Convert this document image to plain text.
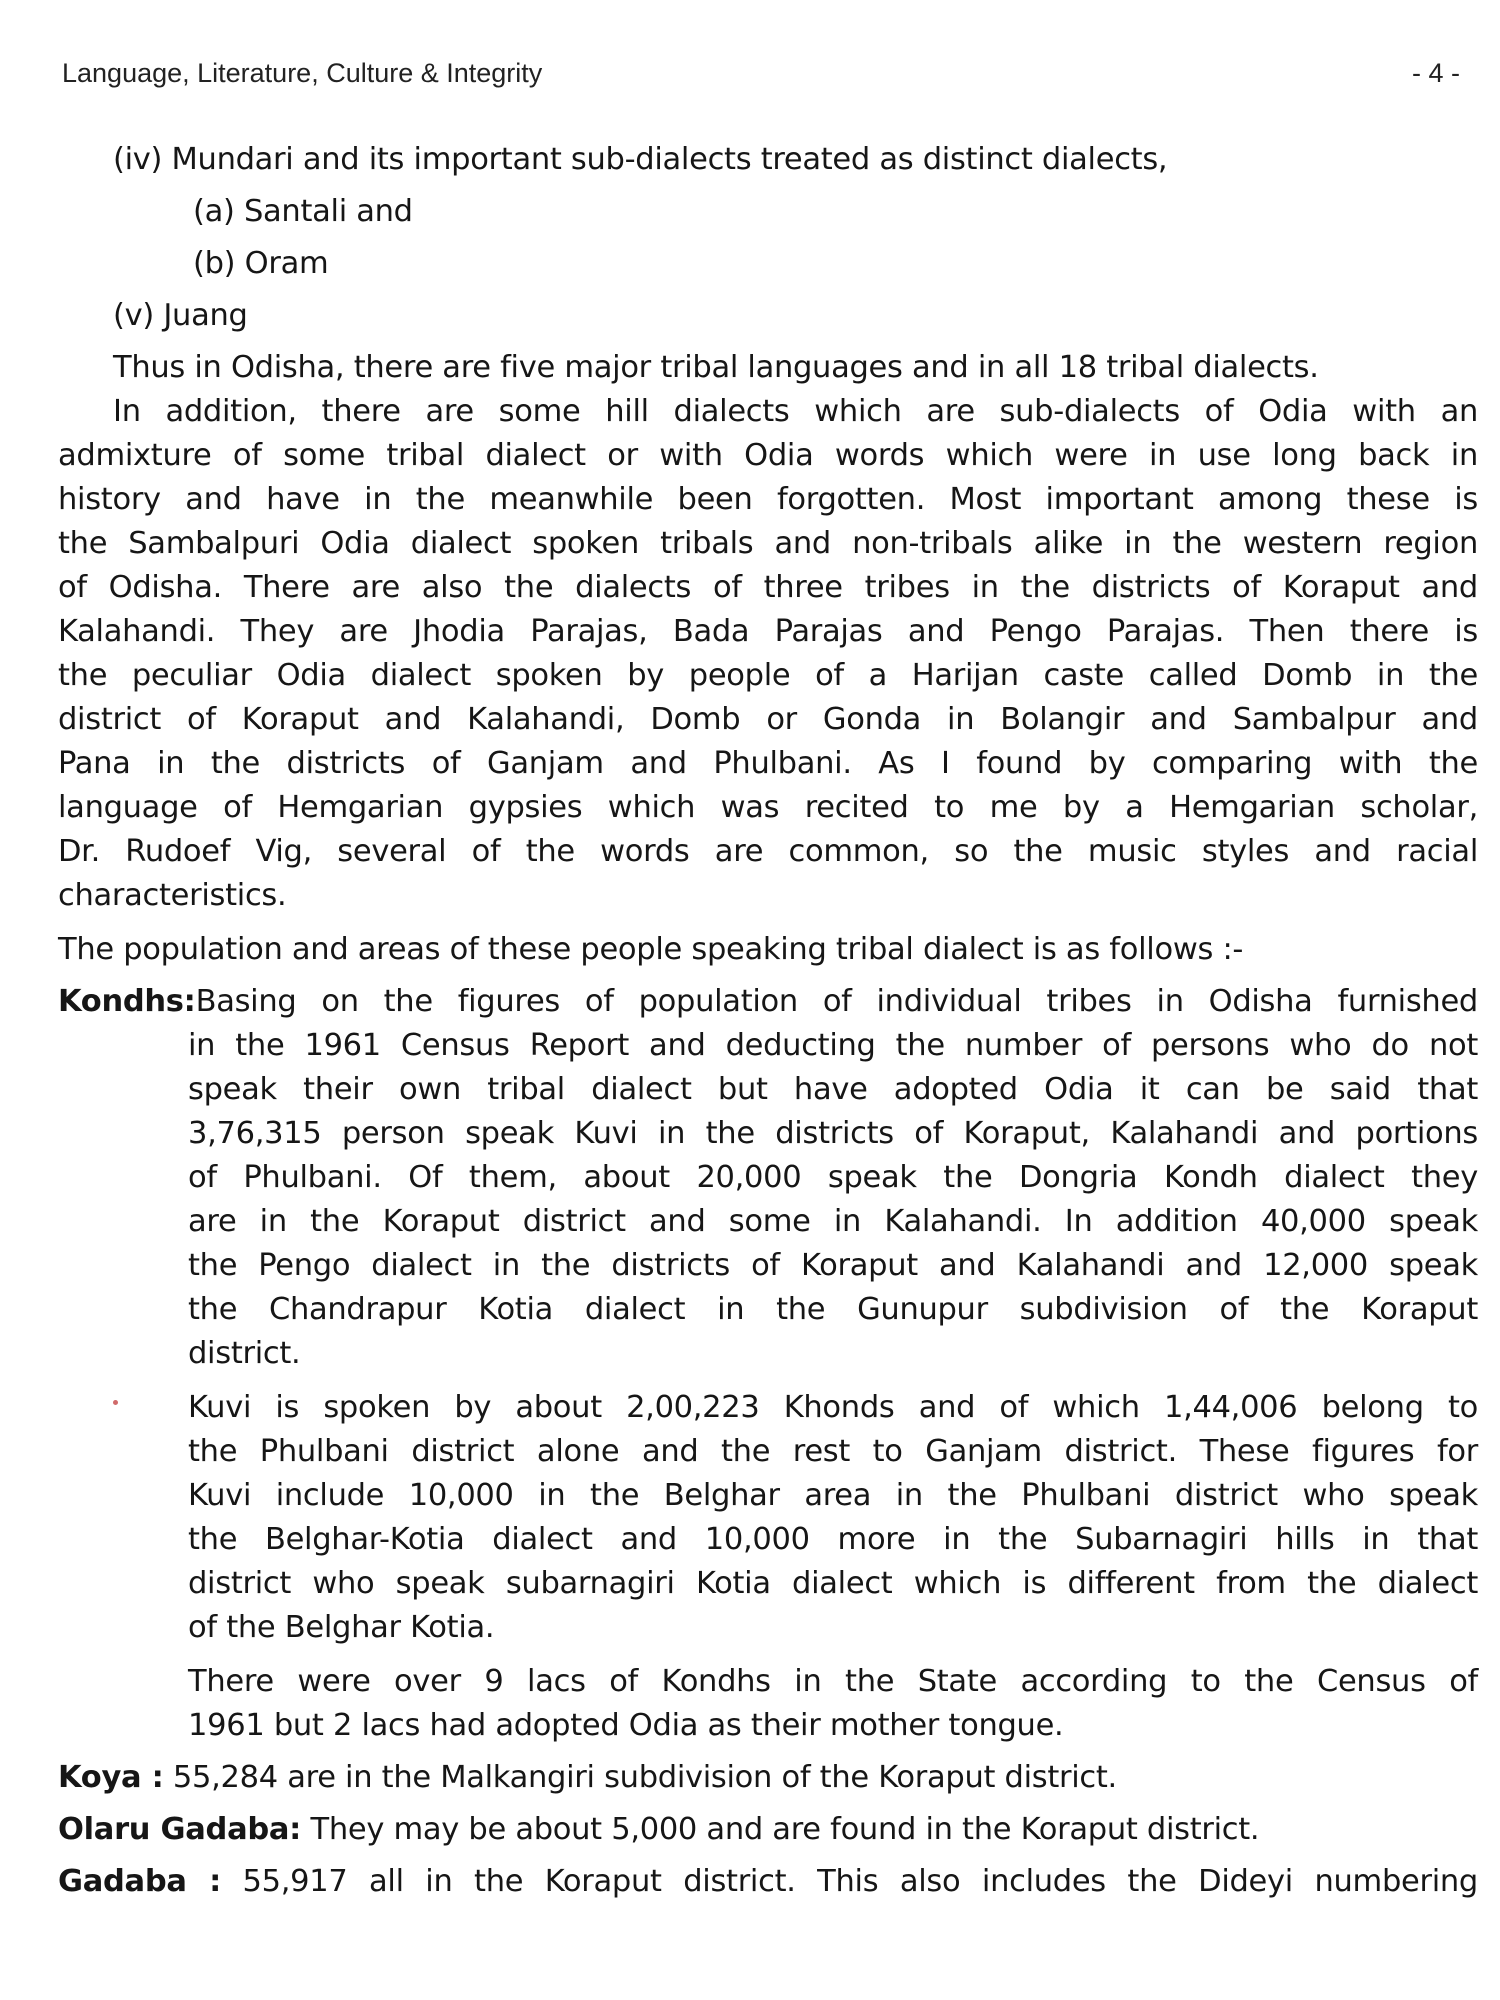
Language, Literature, Culture & Integrity	- 4 -
(iv) Mundari and its important sub-dialects treated as distinct dialects,
(a) Santali and
(b) Oram
(v) Juang
Thus in Odisha, there are five major tribal languages and in all 18 tribal dialects.
In addition, there are some hill dialects which are sub-dialects of Odia with an
admixture of some tribal dialect or with Odia words which were in use long back in
history and have in the meanwhile been forgotten. Most important among these is
the Sambalpuri Odia dialect spoken tribals and non-tribals alike in the western region
of Odisha. There are also the dialects of three tribes in the districts of Koraput and
Kalahandi. They are Jhodia Parajas, Bada Parajas and Pengo Parajas. Then there is
the peculiar Odia dialect spoken by people of a Harijan caste called Domb in the
district of Koraput and Kalahandi, Domb or Gonda in Bolangir and Sambalpur and
Pana in the districts of Ganjam and Phulbani. As I found by comparing with the
language of Hemgarian gypsies which was recited to me by a Hemgarian scholar,
Dr. Rudoef Vig, several of the words are common, so the music styles and racial
characteristics.
The population and areas of these people speaking tribal dialect is as follows :-
Kondhs:Basing on the figures of population of individual tribes in Odisha furnished
in the 1961 Census Report and deducting the number of persons who do not
speak their own tribal dialect but have adopted Odia it can be said that
3,76,315 person speak Kuvi in the districts of Koraput, Kalahandi and portions
of Phulbani. Of them, about 20,000 speak the Dongria Kondh dialect they
are in the Koraput district and some in Kalahandi. In addition 40,000 speak
the Pengo dialect in the districts of Koraput and Kalahandi and 12,000 speak
the Chandrapur Kotia dialect in the Gunupur subdivision of the Koraput
district.
Kuvi is spoken by about 2,00,223 Khonds and of which 1,44,006 belong to
the Phulbani district alone and the rest to Ganjam district. These figures for
Kuvi include 10,000 in the Belghar area in the Phulbani district who speak
the Belghar-Kotia dialect and 10,000 more in the Subarnagiri hills in that
district who speak subarnagiri Kotia dialect which is different from the dialect
of the Belghar Kotia.
There were over 9 lacs of Kondhs in the State according to the Census of
1961 but 2 lacs had adopted Odia as their mother tongue.
Koya : 55,284 are in the Malkangiri subdivision of the Koraput district.
Olaru Gadaba: They may be about 5,000 and are found in the Koraput district.
Gadaba : 55,917 all in the Koraput district. This also includes the Dideyi numbering
